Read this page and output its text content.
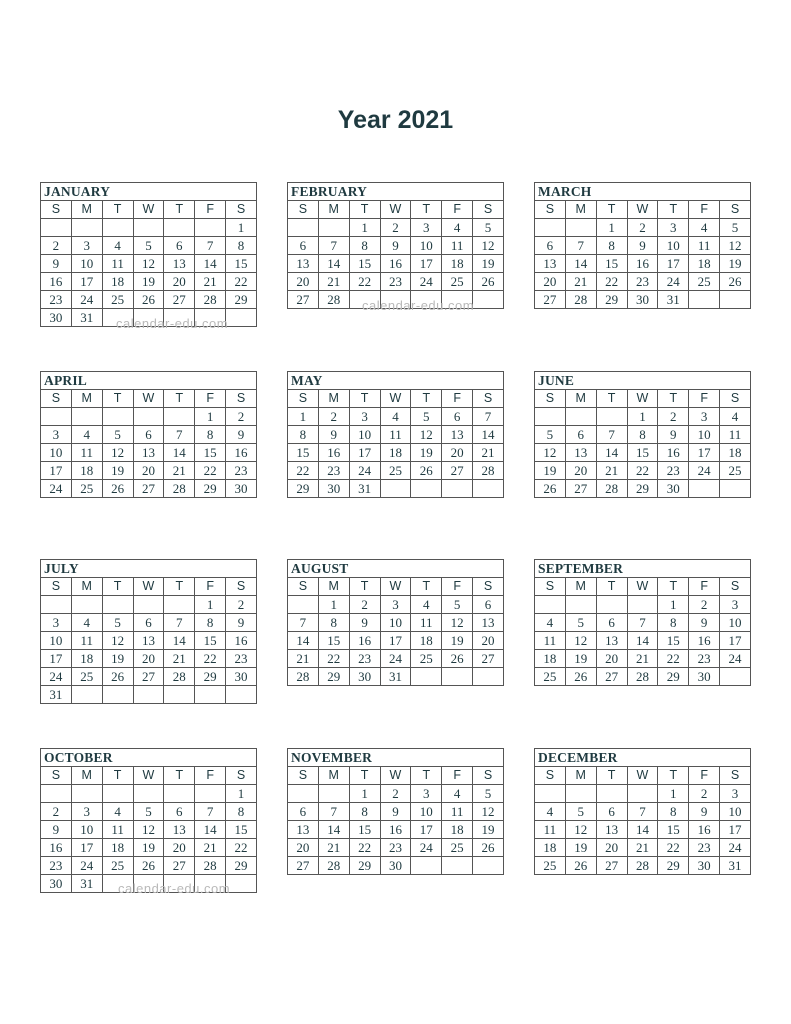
Year 2021
JANUARY
S	M	T	W	T	F	S
						1
2	3	4	5	6	7	8
9	10	11	12	13	14	15
16	17	18	19	20	21	22
23	24	25	26	27	28	29
30	31					
FEBRUARY
S	M	T	W	T	F	S
		1	2	3	4	5
6	7	8	9	10	11	12
13	14	15	16	17	18	19
20	21	22	23	24	25	26
27	28					
MARCH
S	M	T	W	T	F	S
		1	2	3	4	5
6	7	8	9	10	11	12
13	14	15	16	17	18	19
20	21	22	23	24	25	26
27	28	29	30	31		
APRIL
S	M	T	W	T	F	S
					1	2
3	4	5	6	7	8	9
10	11	12	13	14	15	16
17	18	19	20	21	22	23
24	25	26	27	28	29	30
MAY
S	M	T	W	T	F	S
1	2	3	4	5	6	7
8	9	10	11	12	13	14
15	16	17	18	19	20	21
22	23	24	25	26	27	28
29	30	31				
JUNE
S	M	T	W	T	F	S
			1	2	3	4
5	6	7	8	9	10	11
12	13	14	15	16	17	18
19	20	21	22	23	24	25
26	27	28	29	30		
JULY
S	M	T	W	T	F	S
					1	2
3	4	5	6	7	8	9
10	11	12	13	14	15	16
17	18	19	20	21	22	23
24	25	26	27	28	29	30
31						
AUGUST
S	M	T	W	T	F	S
	1	2	3	4	5	6
7	8	9	10	11	12	13
14	15	16	17	18	19	20
21	22	23	24	25	26	27
28	29	30	31			
SEPTEMBER
S	M	T	W	T	F	S
				1	2	3
4	5	6	7	8	9	10
11	12	13	14	15	16	17
18	19	20	21	22	23	24
25	26	27	28	29	30	
OCTOBER
S	M	T	W	T	F	S
						1
2	3	4	5	6	7	8
9	10	11	12	13	14	15
16	17	18	19	20	21	22
23	24	25	26	27	28	29
30	31					
NOVEMBER
S	M	T	W	T	F	S
		1	2	3	4	5
6	7	8	9	10	11	12
13	14	15	16	17	18	19
20	21	22	23	24	25	26
27	28	29	30			
DECEMBER
S	M	T	W	T	F	S
				1	2	3
4	5	6	7	8	9	10
11	12	13	14	15	16	17
18	19	20	21	22	23	24
25	26	27	28	29	30	31
calendar-edu.com
calendar-edu.com
calendar-edu.com
